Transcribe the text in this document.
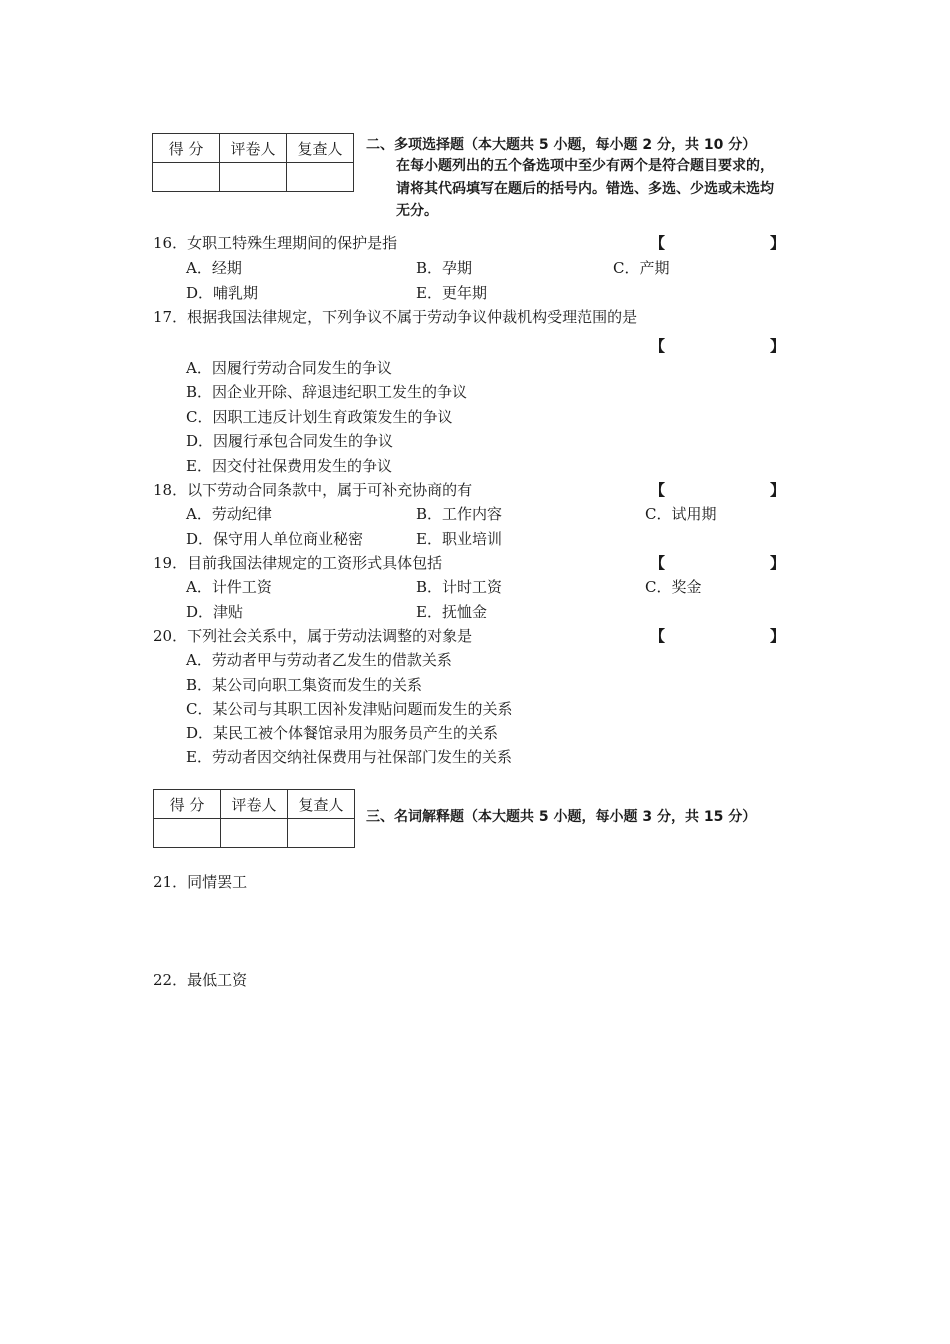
得 分	评卷人	复查人
		二、多项选择题（本大题共 5 小题，每小题 2 分，共 10 分）
在每小题列出的五个备选项中至少有两个是符合题目要求的，请将其代码填写在题后的括号内。错选、多选、少选或未选均无分。
16．女职工特殊生理期间的保护是指	【	】
A．经期	B．孕期	C．产期
D．哺乳期	E．更年期
17．根据我国法律规定，下列争议不属于劳动争议仲裁机构受理范围的是
【	】
A．因履行劳动合同发生的争议
B．因企业开除、辞退违纪职工发生的争议
C．因职工违反计划生育政策发生的争议
D．因履行承包合同发生的争议
E．因交付社保费用发生的争议
18．以下劳动合同条款中，属于可补充协商的有	【	】
A．劳动纪律	B．工作内容	C．试用期
D．保守用人单位商业秘密	E．职业培训
19．目前我国法律规定的工资形式具体包括	【	】
A．计件工资	B．计时工资	C．奖金
D．津贴	E．抚恤金
20．下列社会关系中，属于劳动法调整的对象是	【	】
A．劳动者甲与劳动者乙发生的借款关系
B．某公司向职工集资而发生的关系
C．某公司与其职工因补发津贴问题而发生的关系
D．某民工被个体餐馆录用为服务员产生的关系
E．劳动者因交纳社保费用与社保部门发生的关系
得 分	评卷人	复查人

三、名词解释题（本大题共 5 小题，每小题 3 分，共 15 分）
21．同情罢工
22．最低工资
